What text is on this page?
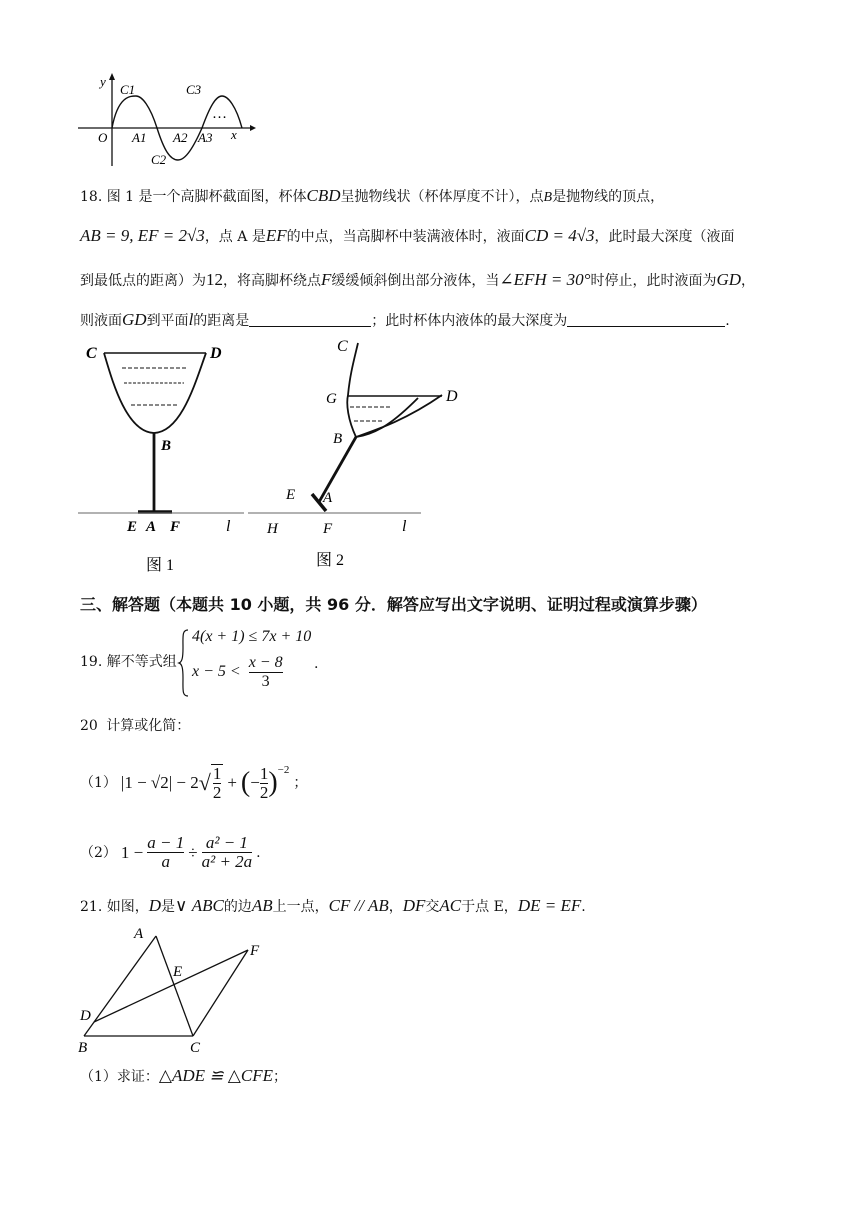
y
x
O
C1	C3
A1 A2 A3
C2
…
18. 图 1 是一个高脚杯截面图，杯体CBD呈抛物线状（杯体厚度不计），点B是抛物线的顶点，
AB = 9, EF = 2√3，点 A 是EF的中点，当高脚杯中装满液体时，液面CD = 4√3，此时最大深度（液面
到最低点的距离）为12，将高脚杯绕点F缓缓倾斜倒出部分液体，当∠EFH = 30°时停止，此时液面为GD，
则液面GD到平面l的距离是	；此时杯体内液体的最大深度为	.
C	D
B
E A F	l
图 1
C
G	D
B
E A
H	F	l
图 2
三、解答题（本题共 10 小题，共 96 分．解答应写出文字说明、证明过程或演算步骤）
19. 解不等式组
4(x + 1) ≤ 7x + 10
$x - 5 < \frac{x - 8}{3}$ .
20 计算或化简：
（1） |1 − √2| − 2 √ $\frac{1}{2}$ + ( − $\frac{1}{2}$ ) −2
；
（2） $1 - \frac{a - 1}{a} \div \frac{\text{a² − 1}}{\text{a² + 2a}}$ .
21. 如图，D是∨ ABC的边AB上一点，CF // AB，DF交AC于点 E，DE = EF.
A
E
F
D
B	C
（1）求证：△ADE ≌ △CFE；
